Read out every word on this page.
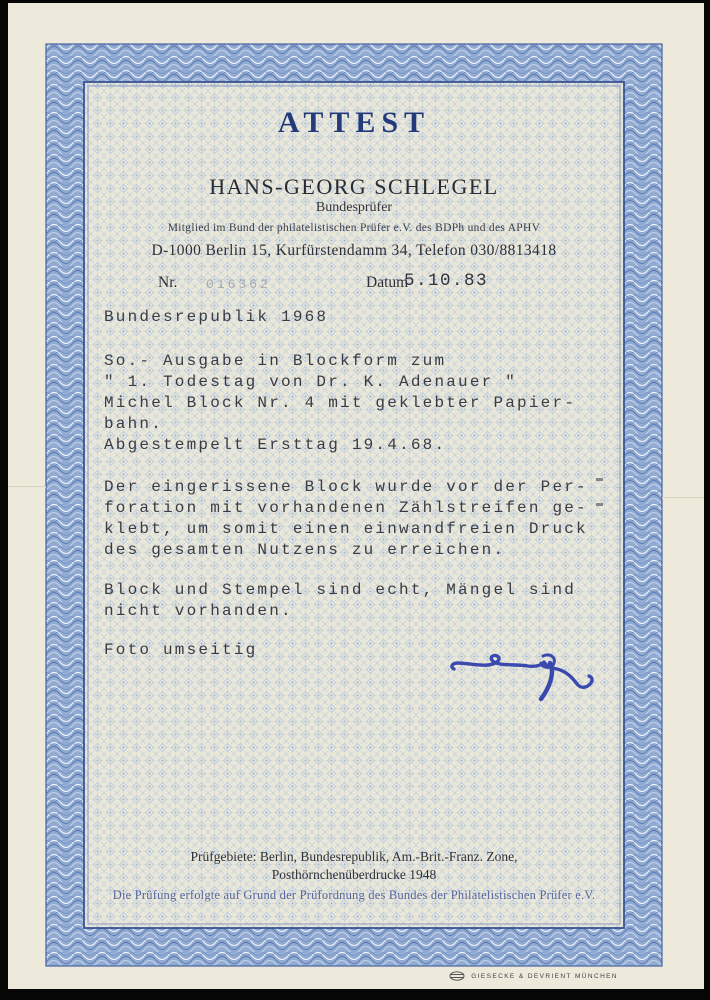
ATTEST
HANS-GEORG SCHLEGEL
Bundesprüfer
Mitglied im Bund der philatelistischen Prüfer e.V. des BDPh und des APHV
D-1000 Berlin 15, Kurfürstendamm 34, Telefon 030/8813418
Nr. 016362	Datum
5.10.83
Bundesrepublik 1968
So.- Ausgabe in Blockform zum
" 1. Todestag von Dr. K. Adenauer "
Michel Block Nr. 4 mit geklebter Papier-
bahn.
Abgestempelt Ersttag 19.4.68.
Der eingerissene Block wurde vor der Per-
foration mit vorhandenen Zählstreifen ge-
klebt, um somit einen einwandfreien Druck
des gesamten Nutzens zu erreichen.
Block und Stempel sind echt, Mängel sind
nicht vorhanden.
Foto umseitig
Prüfgebiete: Berlin, Bundesrepublik, Am.-Brit.-Franz. Zone,
Posthörnchenüberdrucke 1948
Die Prüfung erfolgte auf Grund der Prüfordnung des Bundes der Philatelistischen Prüfer e.V.
GIESECKE & DEVRIENT MÜNCHEN
